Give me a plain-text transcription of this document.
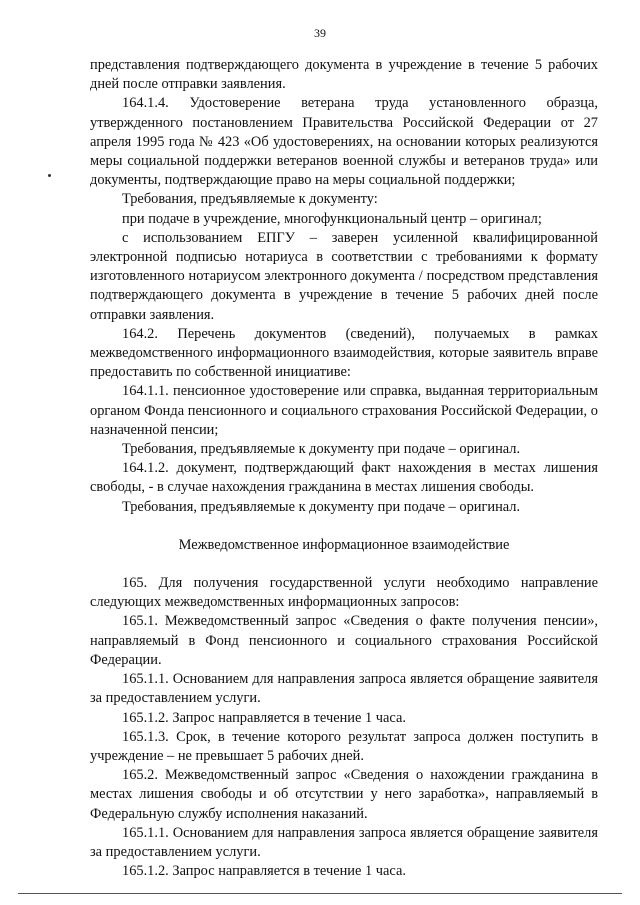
39

представления подтверждающего документа в учреждение в течение 5 рабочих дней после отправки заявления.

164.1.4. Удостоверение ветерана труда установленного образца, утвержденного постановлением Правительства Российской Федерации от 27 апреля 1995 года № 423 «Об удостоверениях, на основании которых реализуются меры социальной поддержки ветеранов военной службы и ветеранов труда» или документы, подтверждающие право на меры социальной поддержки;

Требования, предъявляемые к документу:

при подаче в учреждение, многофункциональный центр – оригинал;

с использованием ЕПГУ – заверен усиленной квалифицированной электронной подписью нотариуса в соответствии с требованиями к формату изготовленного нотариусом электронного документа / посредством представления подтверждающего документа в учреждение в течение 5 рабочих дней после отправки заявления.

164.2. Перечень документов (сведений), получаемых в рамках межведомственного информационного взаимодействия, которые заявитель вправе предоставить по собственной инициативе:

164.1.1. пенсионное удостоверение или справка, выданная территориальным органом Фонда пенсионного и социального страхования Российской Федерации, о назначенной пенсии;

Требования, предъявляемые к документу при подаче – оригинал.

164.1.2. документ, подтверждающий факт нахождения в местах лишения свободы, - в случае нахождения гражданина в местах лишения свободы.

Требования, предъявляемые к документу при подаче – оригинал.

Межведомственное информационное взаимодействие

165. Для получения государственной услуги необходимо направление следующих межведомственных информационных запросов:

165.1. Межведомственный запрос «Сведения о факте получения пенсии», направляемый в Фонд пенсионного и социального страхования Российской Федерации.

165.1.1. Основанием для направления запроса является обращение заявителя за предоставлением услуги.

165.1.2. Запрос направляется в течение 1 часа.

165.1.3. Срок, в течение которого результат запроса должен поступить в учреждение – не превышает 5 рабочих дней.

165.2. Межведомственный запрос «Сведения о нахождении гражданина в местах лишения свободы и об отсутствии у него заработка», направляемый в Федеральную службу исполнения наказаний.

165.1.1. Основанием для направления запроса является обращение заявителя за предоставлением услуги.

165.1.2. Запрос направляется в течение 1 часа.
